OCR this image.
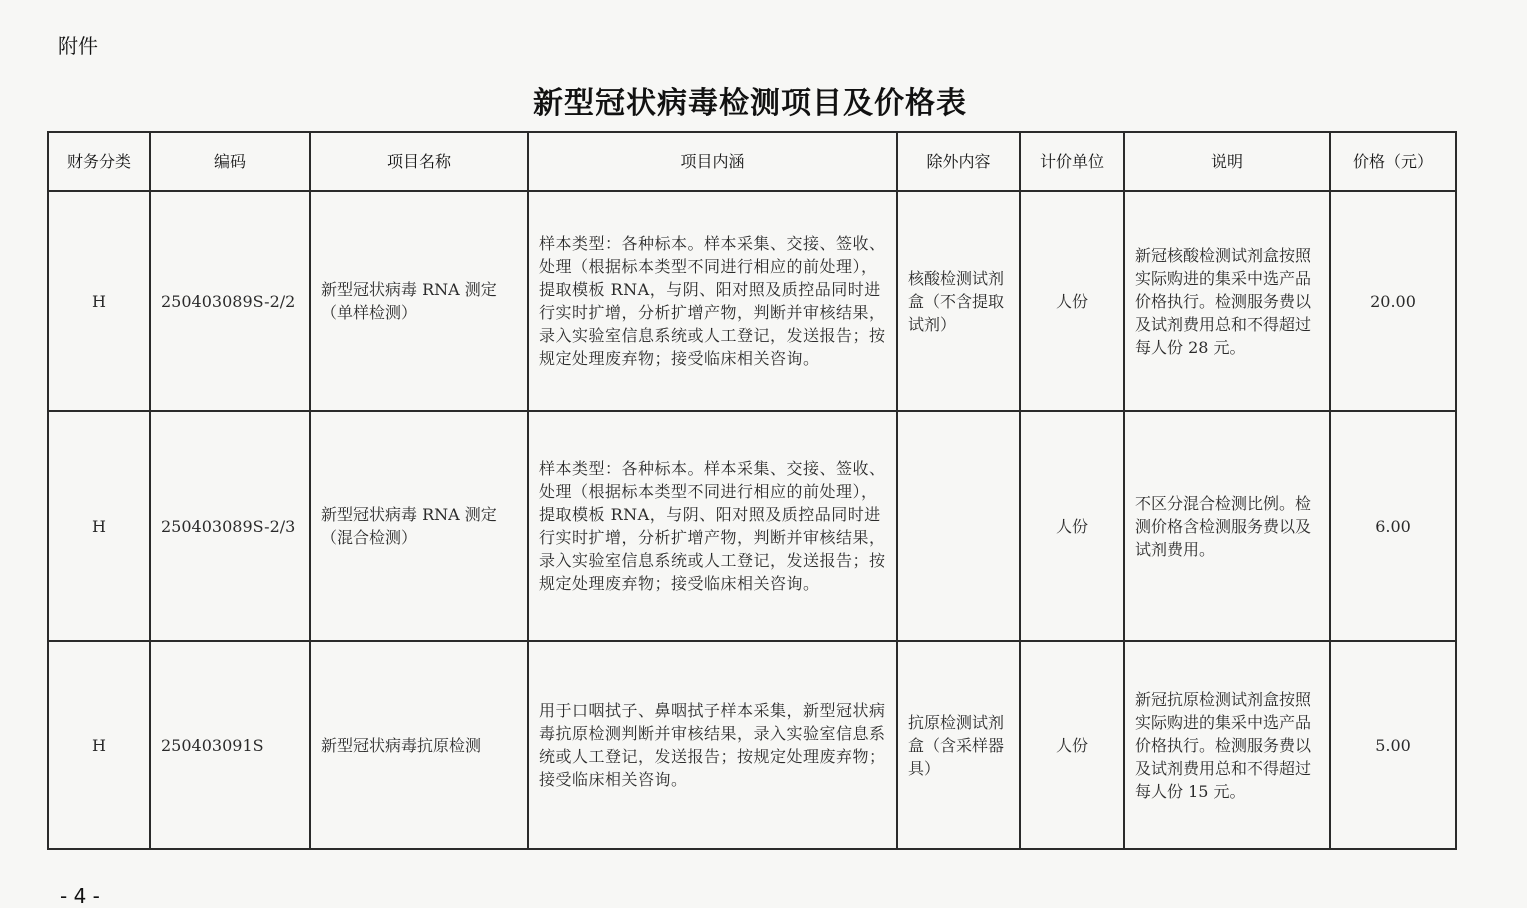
附件
新型冠状病毒检测项目及价格表
财务分类	编码	项目名称	项目内涵	除外内容	计价单位	说明	价格（元）
H	250403089S-2/2	新型冠状病毒 RNA 测定（单样检测）	样本类型：各种标本。样本采集、交接、签收、处理（根据标本类型不同进行相应的前处理），提取模板 RNA，与阴、阳对照及质控品同时进行实时扩增，分析扩增产物，判断并审核结果，录入实验室信息系统或人工登记，发送报告；按规定处理废弃物；接受临床相关咨询。	核酸检测试剂盒（不含提取试剂）	人份	新冠核酸检测试剂盒按照实际购进的集采中选产品价格执行。检测服务费以及试剂费用总和不得超过每人份 28 元。	20.00
H	250403089S-2/3	新型冠状病毒 RNA 测定（混合检测）	样本类型：各种标本。样本采集、交接、签收、处理（根据标本类型不同进行相应的前处理），提取模板 RNA，与阴、阳对照及质控品同时进行实时扩增，分析扩增产物，判断并审核结果，录入实验室信息系统或人工登记，发送报告；按规定处理废弃物；接受临床相关咨询。		人份	不区分混合检测比例。检测价格含检测服务费以及试剂费用。	6.00
H	250403091S	新型冠状病毒抗原检测	用于口咽拭子、鼻咽拭子样本采集，新型冠状病毒抗原检测判断并审核结果，录入实验室信息系统或人工登记，发送报告；按规定处理废弃物；接受临床相关咨询。	抗原检测试剂盒（含采样器具）	人份	新冠抗原检测试剂盒按照实际购进的集采中选产品价格执行。检测服务费以及试剂费用总和不得超过每人份 15 元。	5.00
- 4 -
